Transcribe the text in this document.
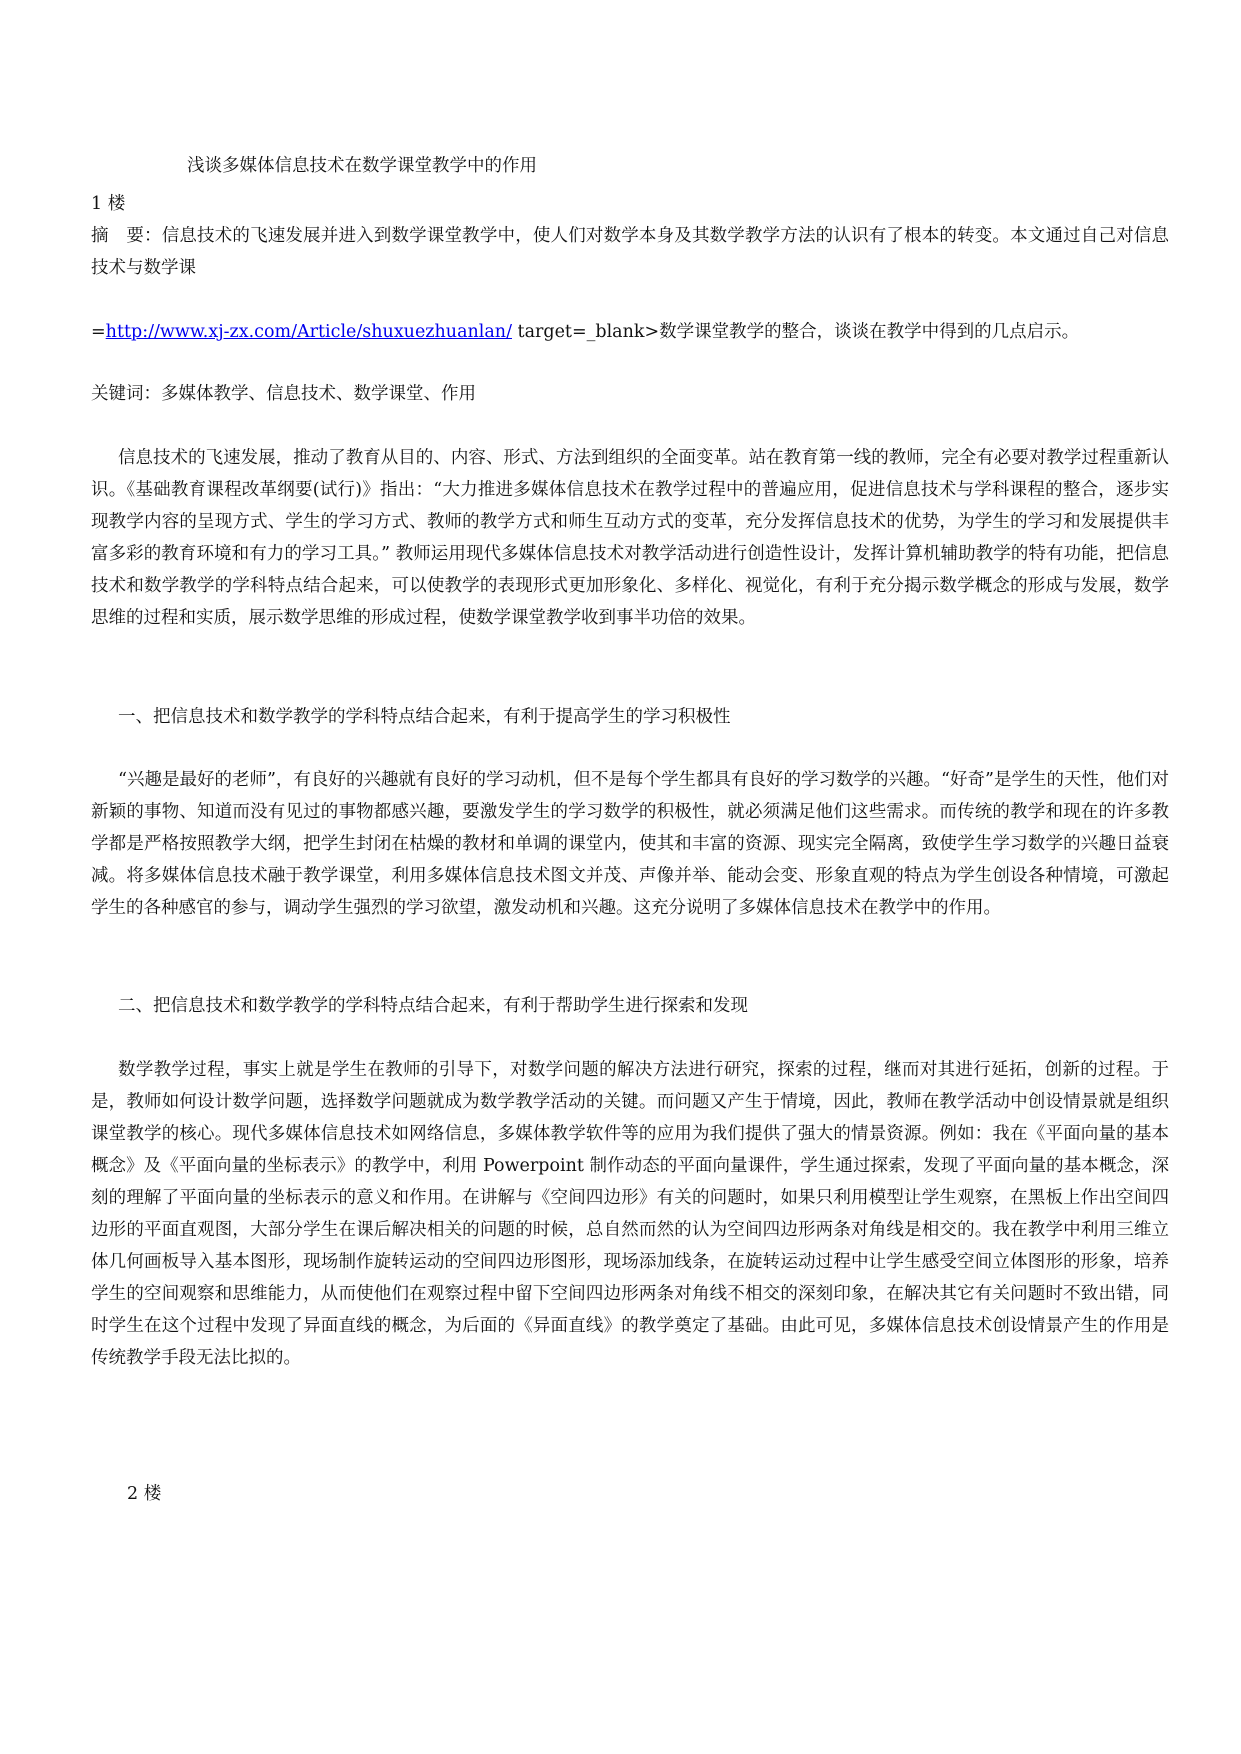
浅谈多媒体信息技术在数学课堂教学中的作用

1 楼

摘　要：信息技术的飞速发展并进入到数学课堂教学中，使人们对数学本身及其数学教学方法的认识有了根本的转变。本文通过自己对信息技术与数学课

=http://www.xj-zx.com/Article/shuxuezhuanlan/ target=_blank>数学课堂教学的整合，谈谈在教学中得到的几点启示。

关键词：多媒体教学、信息技术、数学课堂、作用

信息技术的飞速发展，推动了教育从目的、内容、形式、方法到组织的全面变革。站在教育第一线的教师，完全有必要对教学过程重新认识。《基础教育课程改革纲要(试行)》指出：“大力推进多媒体信息技术在教学过程中的普遍应用，促进信息技术与学科课程的整合，逐步实现教学内容的呈现方式、学生的学习方式、教师的教学方式和师生互动方式的变革，充分发挥信息技术的优势，为学生的学习和发展提供丰富多彩的教育环境和有力的学习工具。” 教师运用现代多媒体信息技术对教学活动进行创造性设计，发挥计算机辅助教学的特有功能，把信息技术和数学教学的学科特点结合起来，可以使教学的表现形式更加形象化、多样化、视觉化，有利于充分揭示数学概念的形成与发展，数学思维的过程和实质，展示数学思维的形成过程，使数学课堂教学收到事半功倍的效果。

一、把信息技术和数学教学的学科特点结合起来，有利于提高学生的学习积极性

“兴趣是最好的老师”，有良好的兴趣就有良好的学习动机，但不是每个学生都具有良好的学习数学的兴趣。“好奇”是学生的天性，他们对新颖的事物、知道而没有见过的事物都感兴趣，要激发学生的学习数学的积极性，就必须满足他们这些需求。而传统的教学和现在的许多教学都是严格按照教学大纲，把学生封闭在枯燥的教材和单调的课堂内，使其和丰富的资源、现实完全隔离，致使学生学习数学的兴趣日益衰减。将多媒体信息技术融于教学课堂，利用多媒体信息技术图文并茂、声像并举、能动会变、形象直观的特点为学生创设各种情境，可激起学生的各种感官的参与，调动学生强烈的学习欲望，激发动机和兴趣。这充分说明了多媒体信息技术在教学中的作用。

二、把信息技术和数学教学的学科特点结合起来，有利于帮助学生进行探索和发现

数学教学过程，事实上就是学生在教师的引导下，对数学问题的解决方法进行研究，探索的过程，继而对其进行延拓，创新的过程。于是，教师如何设计数学问题，选择数学问题就成为数学教学活动的关键。而问题又产生于情境，因此，教师在教学活动中创设情景就是组织课堂教学的核心。现代多媒体信息技术如网络信息，多媒体教学软件等的应用为我们提供了强大的情景资源。例如：我在《平面向量的基本概念》及《平面向量的坐标表示》的教学中，利用 Powerpoint 制作动态的平面向量课件，学生通过探索，发现了平面向量的基本概念，深刻的理解了平面向量的坐标表示的意义和作用。在讲解与《空间四边形》有关的问题时，如果只利用模型让学生观察，在黑板上作出空间四边形的平面直观图，大部分学生在课后解决相关的问题的时候，总自然而然的认为空间四边形两条对角线是相交的。我在教学中利用三维立体几何画板导入基本图形，现场制作旋转运动的空间四边形图形，现场添加线条，在旋转运动过程中让学生感受空间立体图形的形象，培养学生的空间观察和思维能力，从而使他们在观察过程中留下空间四边形两条对角线不相交的深刻印象，在解决其它有关问题时不致出错，同时学生在这个过程中发现了异面直线的概念，为后面的《异面直线》的教学奠定了基础。由此可见，多媒体信息技术创设情景产生的作用是传统教学手段无法比拟的。

2 楼
